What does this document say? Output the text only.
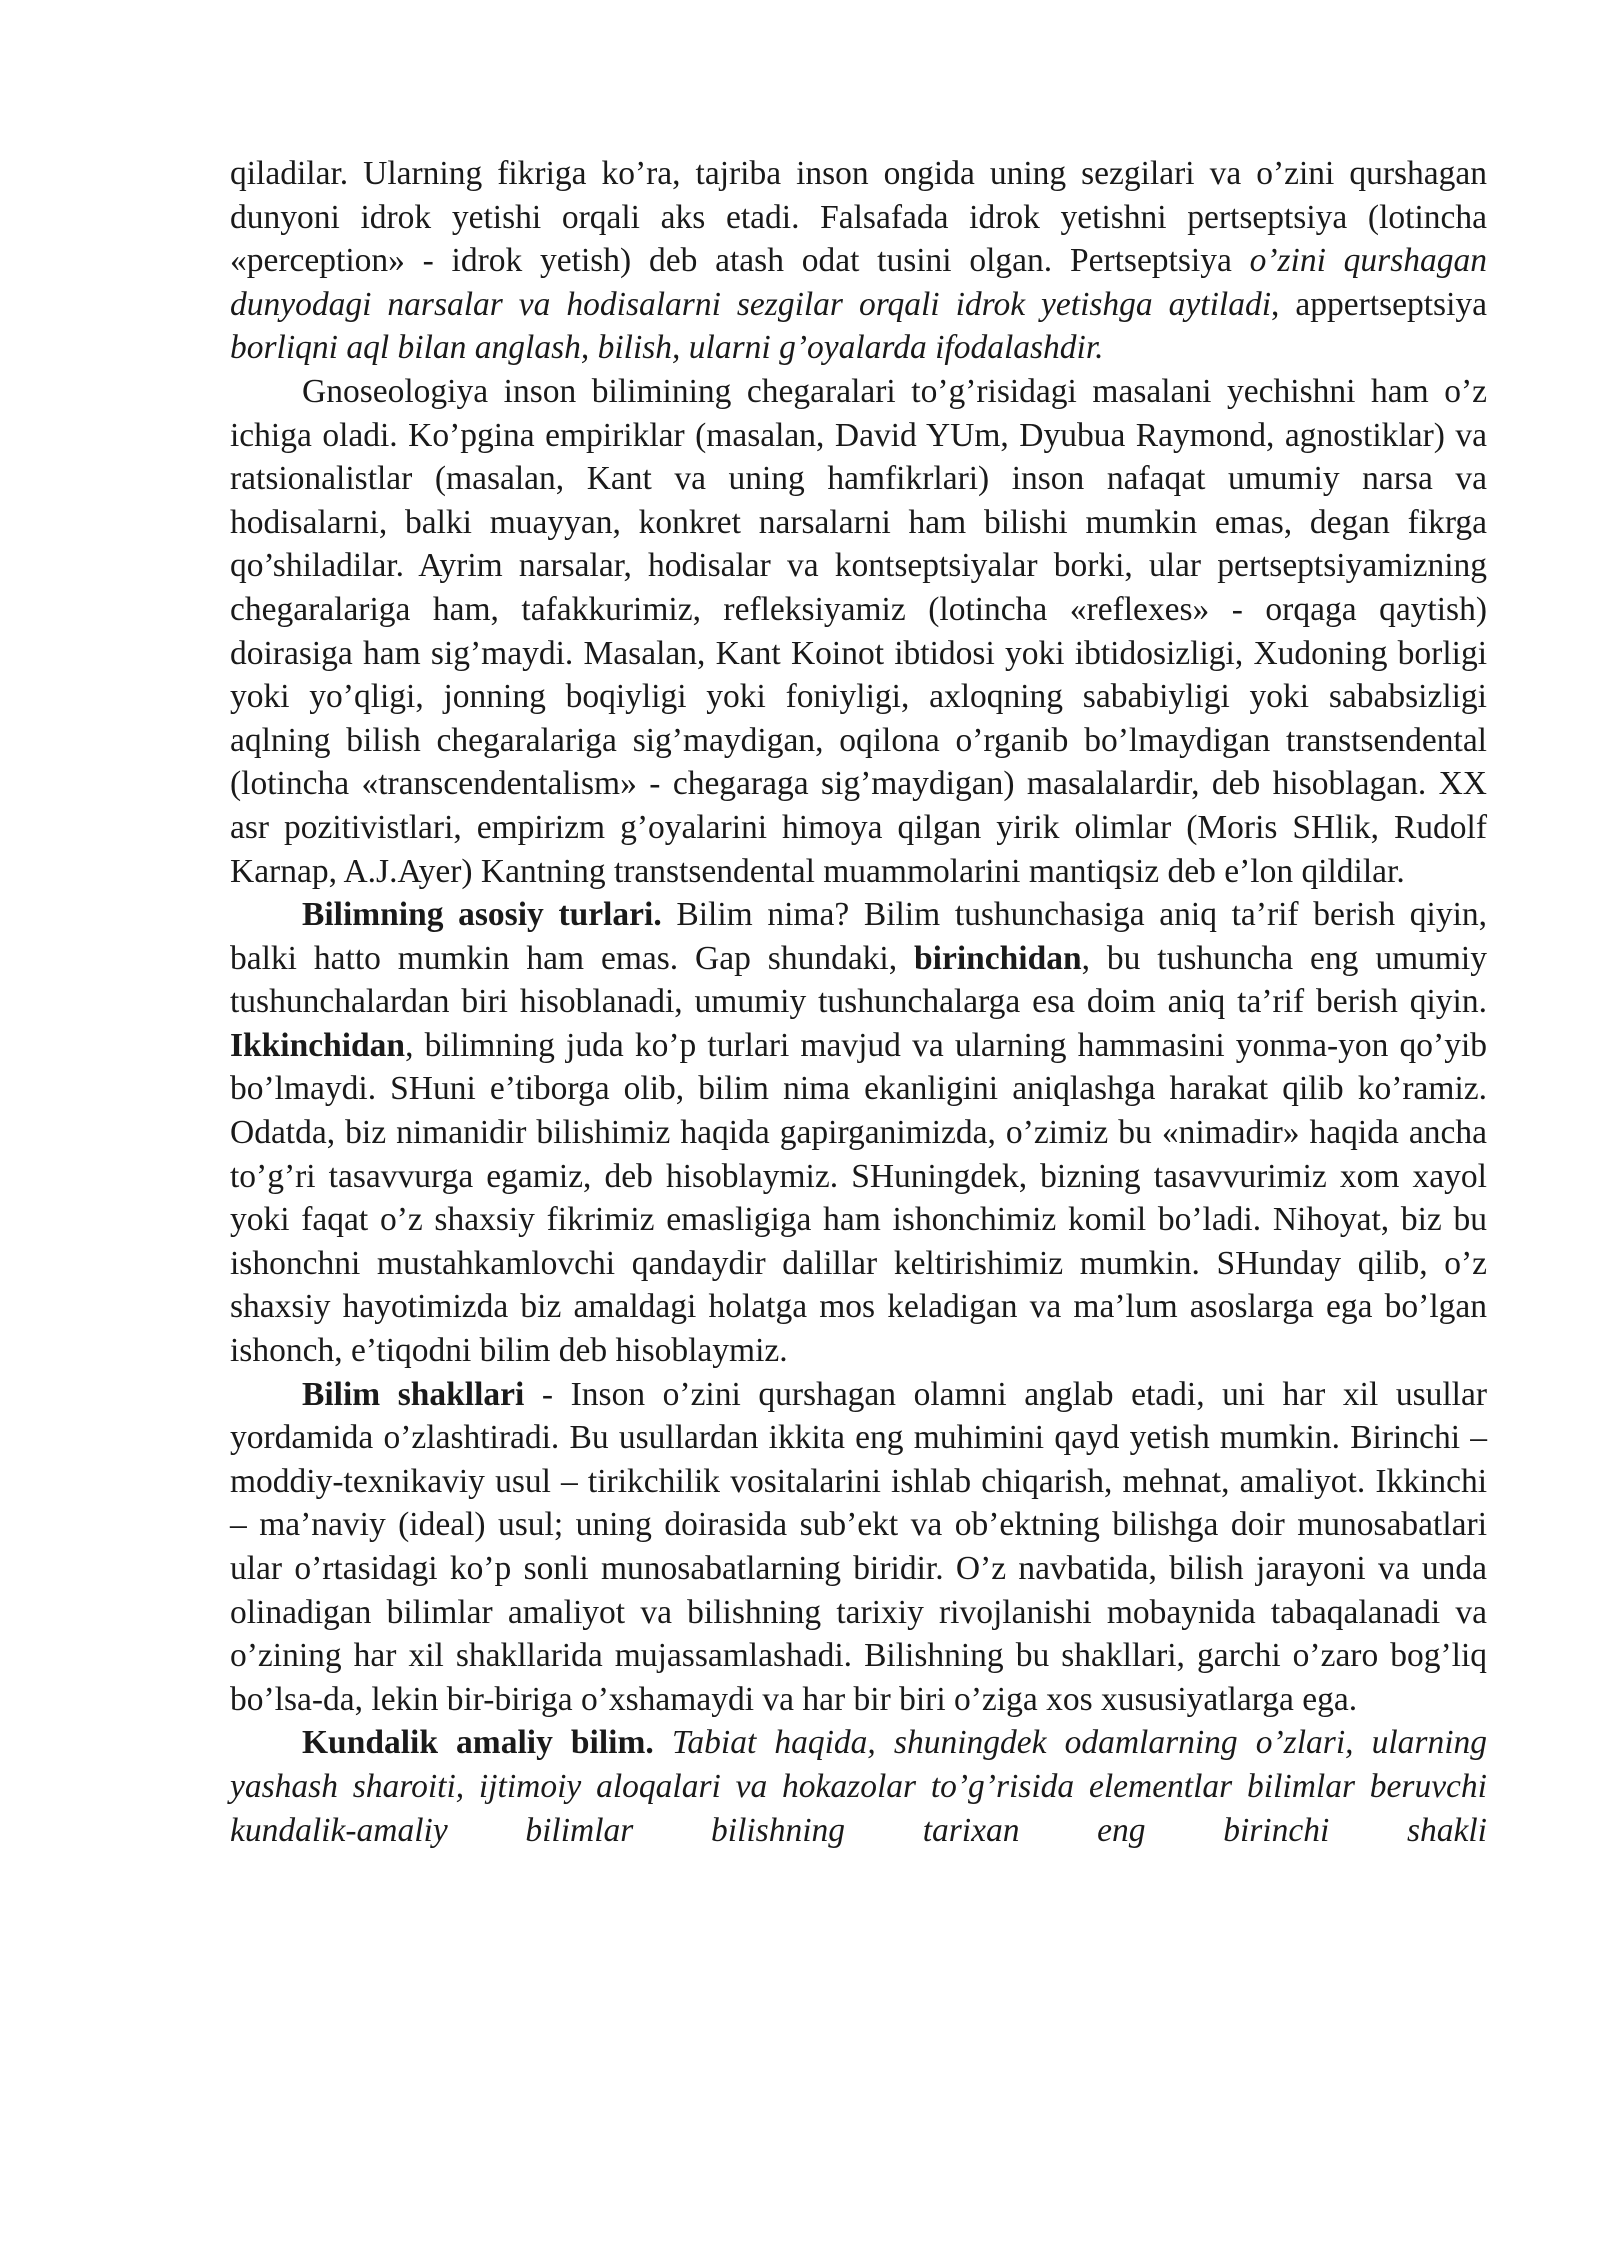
qiladilar. Ularning fikriga ko’ra, tajriba inson ongida uning sezgilari va o’zini qurshagan dunyoni idrok yetishi orqali aks etadi. Falsafada idrok yetishni pertseptsiya (lotincha «perception» - idrok yetish) deb atash odat tusini olgan. Pertseptsiya o’zini qurshagan dunyodagi narsalar va hodisalarni sezgilar orqali idrok yetishga aytiladi, appertseptsiya borliqni aql bilan anglash, bilish, ularni g’oyalarda ifodalashdir.

Gnoseologiya inson bilimining chegaralari to’g’risidagi masalani yechishni ham o’z ichiga oladi. Ko’pgina empiriklar (masalan, David YUm, Dyubua Raymond, agnostiklar) va ratsionalistlar (masalan, Kant va uning hamfikrlari) inson nafaqat umumiy narsa va hodisalarni, balki muayyan, konkret narsalarni ham bilishi mumkin emas, degan fikrga qo’shiladilar. Ayrim narsalar, hodisalar va kontseptsiyalar borki, ular pertseptsiyamizning chegaralariga ham, tafakkurimiz, refleksiyamiz (lotincha «reflexes» - orqaga qaytish) doirasiga ham sig’maydi. Masalan, Kant Koinot ibtidosi yoki ibtidosizligi, Xudoning borligi yoki yo’qligi, jonning boqiyligi yoki foniyligi, axloqning sababiyligi yoki sababsizligi aqlning bilish chegaralariga sig’maydigan, oqilona o’rganib bo’lmaydigan transtsendental (lotincha «transcendentalism» - chegaraga sig’maydigan) masalalardir, deb hisoblagan. XX asr pozitivistlari, empirizm g’oyalarini himoya qilgan yirik olimlar (Moris SHlik, Rudolf Karnap, A.J.Ayer) Kantning transtsendental muammolarini mantiqsiz deb e’lon qildilar.

Bilimning asosiy turlari. Bilim nima? Bilim tushunchasiga aniq ta’rif berish qiyin, balki hatto mumkin ham emas. Gap shundaki, birinchidan, bu tushuncha eng umumiy tushunchalardan biri hisoblanadi, umumiy tushunchalarga esa doim aniq ta’rif berish qiyin. Ikkinchidan, bilimning juda ko’p turlari mavjud va ularning hammasini yonma-yon qo’yib bo’lmaydi. SHuni e’tiborga olib, bilim nima ekanligini aniqlashga harakat qilib ko’ramiz. Odatda, biz nimanidir bilishimiz haqida gapirganimizda, o’zimiz bu «nimadir» haqida ancha to’g’ri tasavvurga egamiz, deb hisoblaymiz. SHuningdek, bizning tasavvurimiz xom xayol yoki faqat o’z shaxsiy fikrimiz emasligiga ham ishonchimiz komil bo’ladi. Nihoyat, biz bu ishonchni mustahkamlovchi qandaydir dalillar keltirishimiz mumkin. SHunday qilib, o’z shaxsiy hayotimizda biz amaldagi holatga mos keladigan va ma’lum asoslarga ega bo’lgan ishonch, e’tiqodni bilim deb hisoblaymiz.

Bilim shakllari - Inson o’zini qurshagan olamni anglab etadi, uni har xil usullar yordamida o’zlashtiradi. Bu usullardan ikkita eng muhimini qayd yetish mumkin. Birinchi – moddiy-texnikaviy usul – tirikchilik vositalarini ishlab chiqarish, mehnat, amaliyot. Ikkinchi – ma’naviy (ideal) usul; uning doirasida sub’ekt va ob’ektning bilishga doir munosabatlari ular o’rtasidagi ko’p sonli munosabatlarning biridir. O’z navbatida, bilish jarayoni va unda olinadigan bilimlar amaliyot va bilishning tarixiy rivojlanishi mobaynida tabaqalanadi va o’zining har xil shakllarida mujassamlashadi. Bilishning bu shakllari, garchi o’zaro bog’liq bo’lsa-da, lekin bir-biriga o’xshamaydi va har bir biri o’ziga xos xususiyatlarga ega.

Kundalik amaliy bilim. Tabiat haqida, shuningdek odamlarning o’zlari, ularning yashash sharoiti, ijtimoiy aloqalari va hokazolar to’g’risida elementlar bilimlar beruvchi kundalik-amaliy bilimlar bilishning tarixan eng birinchi shakli
